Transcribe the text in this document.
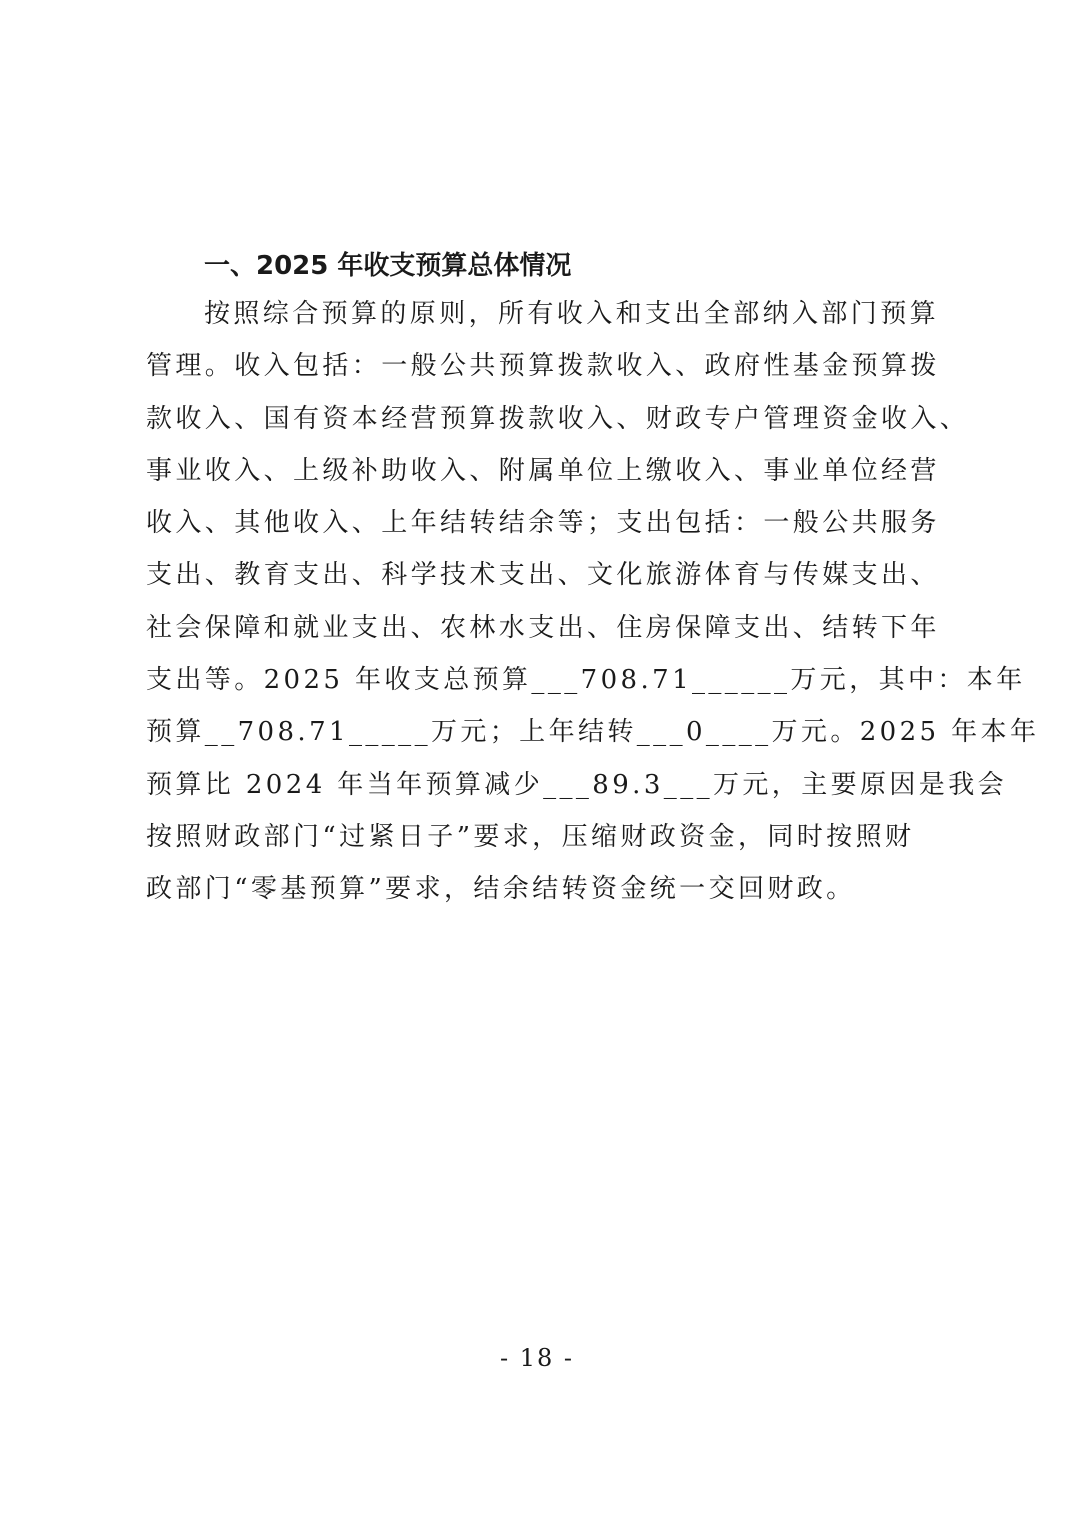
一、2025 年收支预算总体情况
按照综合预算的原则，所有收入和支出全部纳入部门预算
管理。收入包括：一般公共预算拨款收入、政府性基金预算拨
款收入、国有资本经营预算拨款收入、财政专户管理资金收入、
事业收入、上级补助收入、附属单位上缴收入、事业单位经营
收入、其他收入、上年结转结余等；支出包括：一般公共服务
支出、教育支出、科学技术支出、文化旅游体育与传媒支出、
社会保障和就业支出、农林水支出、住房保障支出、结转下年
支出等。2025 年收支总预算___708.71______万元，其中：本年
预算__708.71_____万元；上年结转___0____万元。2025 年本年
预算比 2024 年当年预算减少___89.3___万元，主要原因是我会
按照财政部门“过紧日子”要求，压缩财政资金，同时按照财
政部门“零基预算”要求，结余结转资金统一交回财政。
- 18 -
